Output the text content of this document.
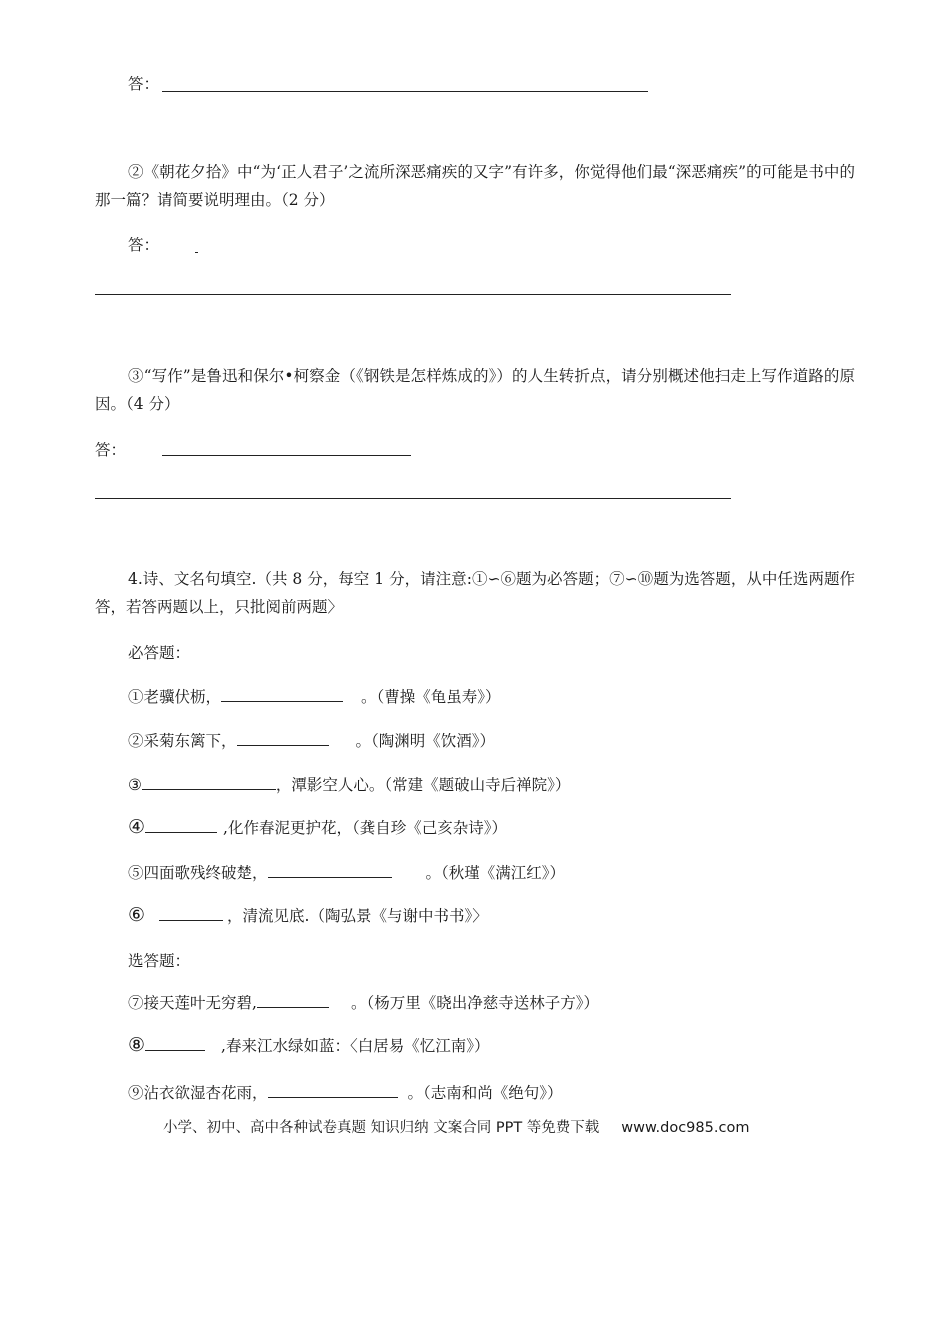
答：
②《朝花夕拾》中“为‘正人君子’之流所深恶痛疾的又字”有许多，你觉得他们最“深恶痛疾”的可能是书中的那一篇？请简要说明理由。（2 分）
答：
③“写作”是鲁迅和保尔•柯察金（《钢铁是怎样炼成的》）的人生转折点，请分别概述他扫走上写作道路的原因。（4 分）
答：
4.诗、文名句填空.（共 8 分，每空 1 分，请注意:①∽⑥题为必答题；⑦∽⑩题为选答题，从中任选两题作答，若答两题以上，只批阅前两题〉
必答题：
①老骥伏枥，	。（曹操《龟虽寿》）
②采菊东篱下，	。（陶渊明《饮酒》）
③	，潭影空人心。（常建《题破山寺后禅院》）
④	,化作春泥更护花，（龚自珍《己亥杂诗》）
⑤四面歌残终破楚，	。（秋瑾《满江红》）
⑥	，清流见底.（陶弘景《与谢中书书》〉
选答题：
⑦接天莲叶无穷碧,	。（杨万里《晓出净慈寺送林子方》）
⑧	,春来江水绿如蓝：〈白居易《忆江南》）
⑨沾衣欲湿杏花雨，	。（志南和尚《绝句》）
小学、初中、高中各种试卷真题 知识归纳 文案合同 PPT 等免费下载 www.doc985.com
